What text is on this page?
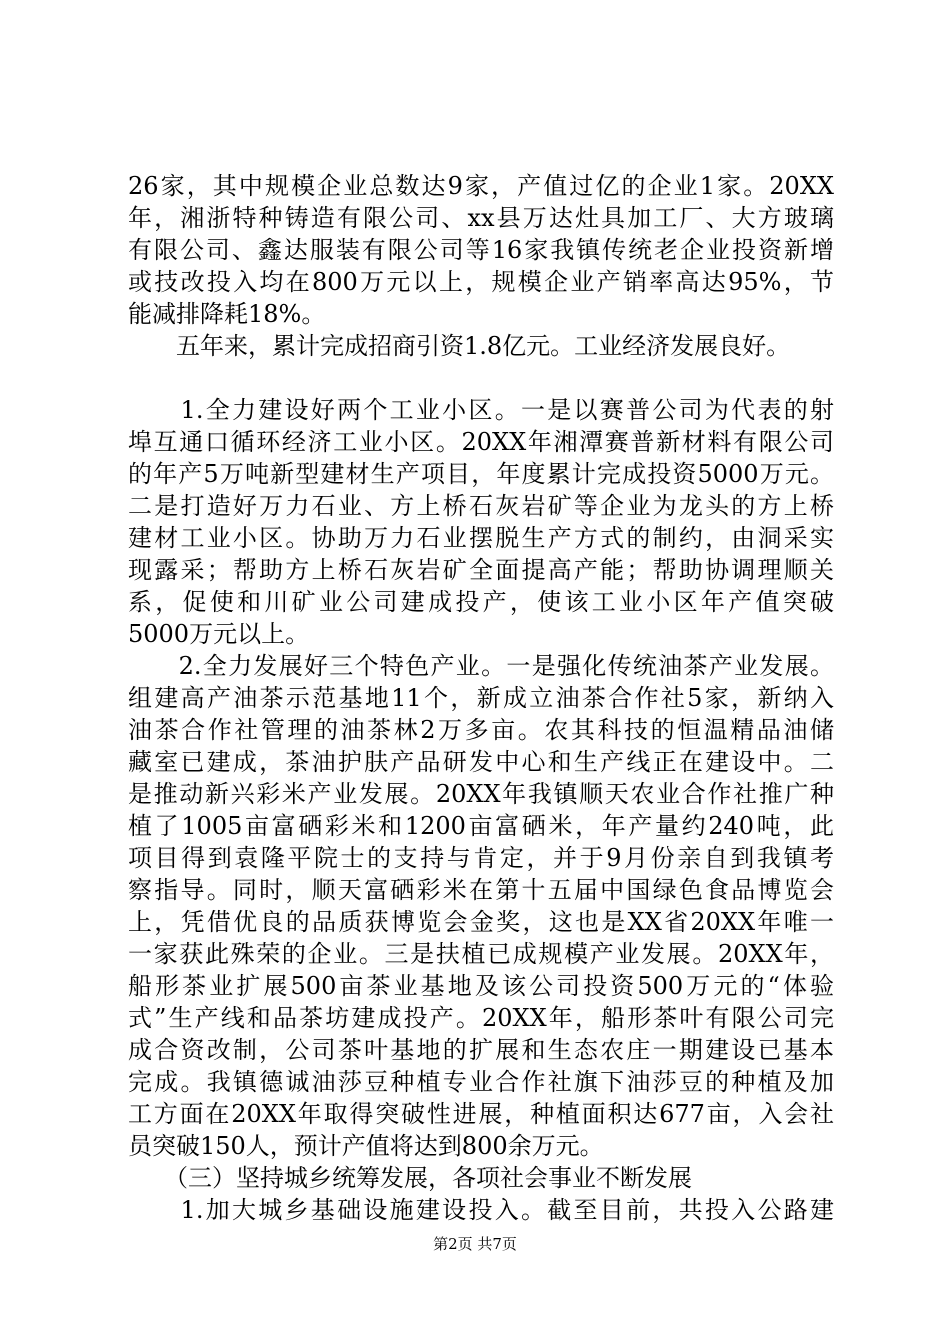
26家，其中规模企业总数达9家，产值过亿的企业1家。20XX
年，湘浙特种铸造有限公司、xx县万达灶具加工厂、大方玻璃
有限公司、鑫达服装有限公司等16家我镇传统老企业投资新增
或技改投入均在800万元以上，规模企业产销率高达95%，节
能减排降耗18%。
　　五年来，累计完成招商引资1.8亿元。工业经济发展良好。
　　1.全力建设好两个工业小区。一是以赛普公司为代表的射
埠互通口循环经济工业小区。20XX年湘潭赛普新材料有限公司
的年产5万吨新型建材生产项目，年度累计完成投资5000万元。
二是打造好万力石业、方上桥石灰岩矿等企业为龙头的方上桥
建材工业小区。协助万力石业摆脱生产方式的制约，由洞采实
现露采；帮助方上桥石灰岩矿全面提高产能；帮助协调理顺关
系，促使和川矿业公司建成投产，使该工业小区年产值突破
5000万元以上。
　　2.全力发展好三个特色产业。一是强化传统油茶产业发展。
组建高产油茶示范基地11个，新成立油茶合作社5家，新纳入
油茶合作社管理的油茶林2万多亩。农其科技的恒温精品油储
藏室已建成，茶油护肤产品研发中心和生产线正在建设中。二
是推动新兴彩米产业发展。20XX年我镇顺天农业合作社推广种
植了1005亩富硒彩米和1200亩富硒米，年产量约240吨，此
项目得到袁隆平院士的支持与肯定，并于9月份亲自到我镇考
察指导。同时，顺天富硒彩米在第十五届中国绿色食品博览会
上，凭借优良的品质获博览会金奖，这也是XX省20XX年唯一
一家获此殊荣的企业。三是扶植已成规模产业发展。20XX年，
船形茶业扩展500亩茶业基地及该公司投资500万元的“体验
式”生产线和品茶坊建成投产。20XX年，船形茶叶有限公司完
成合资改制，公司茶叶基地的扩展和生态农庄一期建设已基本
完成。我镇德诚油莎豆种植专业合作社旗下油莎豆的种植及加
工方面在20XX年取得突破性进展，种植面积达677亩，入会社
员突破150人，预计产值将达到800余万元。
　　（三）坚持城乡统筹发展，各项社会事业不断发展
　　1.加大城乡基础设施建设投入。截至目前，共投入公路建
第2页 共7页
